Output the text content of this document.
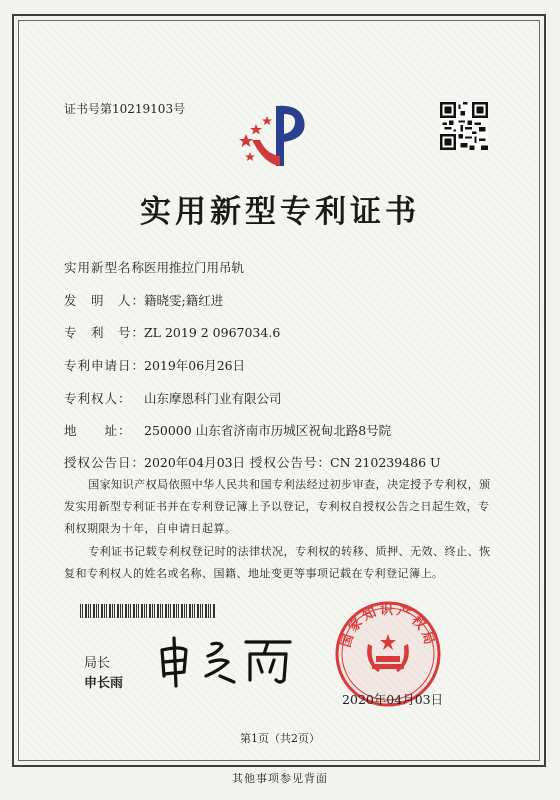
证书号第10219103号
实用新型专利证书
实用新型名称：医用推拉门用吊轨
发　明　人：籍晓雯;籍红进
专　利　号：ZL 2019 2 0967034.6
专利申请日：2019年06月26日
专利权人： 山东摩恩科门业有限公司
地　　址： 250000 山东省济南市历城区祝甸北路8号院
授权公告日：2020年04月03日 授权公告号：CN 210239486 U

国家知识产权局依照中华人民共和国专利法经过初步审查，决定授予专利权，颁发实用新型专利证书并在专利登记簿上予以登记，专利权自授权公告之日起生效，专利权期限为十年，自申请日起算。

专利证书记载专利权登记时的法律状况，专利权的转移、质押、无效、终止、恢复和专利权人的姓名或名称、国籍、地址变更等事项记载在专利登记簿上。

局长
申长雨
国家知识产权局
2020年04月03日
第1页（共2页）
其他事项参见背面
